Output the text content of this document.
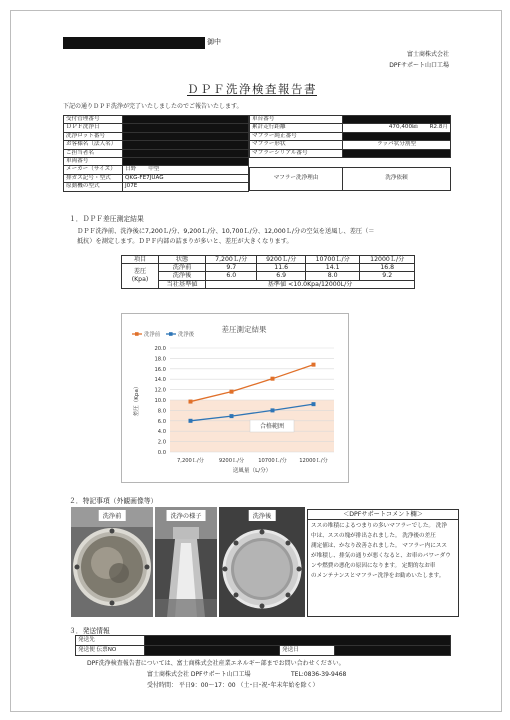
御中
富士商株式会社
DPFサポート山口工場
ＤＰＦ洗浄検査報告書
下記の通りＤＰＦ洗浄が完了いたしましたのでご報告いたします。
受付管理番号	
ＤＰＦ洗浄日	
洗浄ロット番号	
お客様名（法人名）	
ご担当者名	
車両番号	
メーカー（サイズ）	日野 中型
排ガス記号・型式	QKG-FE7JUAG
原動機の型式	J07E
車台番号	
累計走行距離	470,400㎞ R2.8月
マフラー純正番号	
マフラー形状	ラッパ状分割型
マフラーシリアル番号	
マフラー洗浄理由	洗浄依頼
１．ＤＰＦ差圧測定結果
ＤＰＦ洗浄前、洗浄後に7,200Ｌ/分、9,200Ｌ/分、10,700Ｌ/分、12,000Ｌ/分の空気を送風し、差圧（＝
抵抗）を測定します。ＤＰＦ内部の詰まりが多いと、差圧が大きくなります。
項目	状態	7,200Ｌ/分	9200Ｌ/分	10700Ｌ/分	12000Ｌ/分
差圧
(Kpa)	洗浄前	9.7	11.6	14.1	16.8
	洗浄後	6.0	6.9	8.0	9.2
	当社基準値	基準値 <10.0Kpa/12000L/分			
0.0
2.0
4.0
6.0
8.0
10.0
12.0
14.0
16.0
18.0
20.0
合格範囲
7,200Ｌ/分	9200Ｌ/分	10700Ｌ/分 12000Ｌ/分
送風量（L/分）
差圧（Kpa）
差圧測定結果
洗浄前	洗浄後
２．特記事項（外観画像等）
洗浄前	洗浄の様子	洗浄後	＜DPFサポートコメント欄＞
ススの堆積によるつまりの多いマフラーでした。 洗浄
中は、ススの塊が排出されました。 洗浄後の差圧
測定値は、かなり改善されました。 マフラー内にスス
が堆積し、排気の通りが悪くなると、お車のパワーダウ
ンや燃費の悪化の原因になります。 定期的なお車
のメンテナンスとマフラー洗浄をお勧めいたします。
３．発送情報
発送先			
発送便 伝票NO		発送日	
DPF洗浄検査報告書については、富士商株式会社産業エネルギー部までお問い合わせください。
富士商株式会社 DPFサポート山口工場	TEL:0836-39-9468
受付時間： 平日9：00～17：00 （土･日･祝･年末年始を除く）
